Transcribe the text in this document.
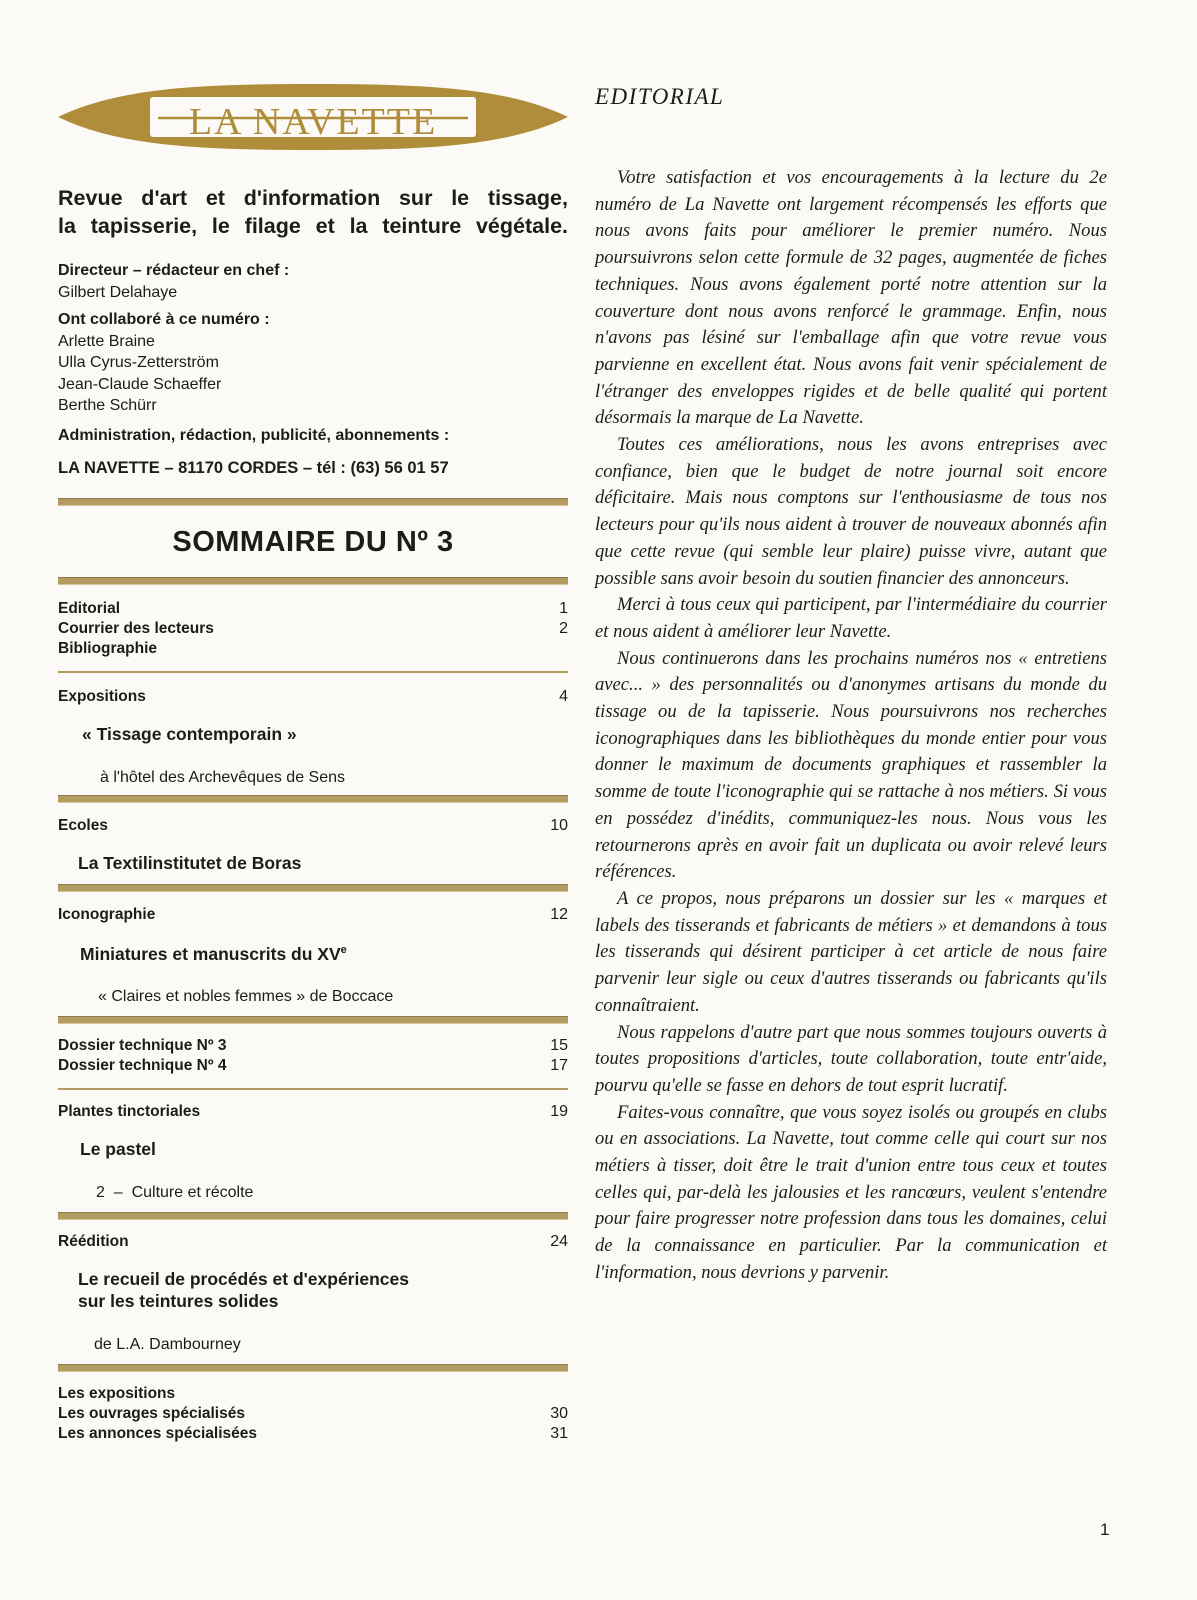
LA NAVETTE
Revue d'art et d'information sur le tissage,
la tapisserie, le filage et la teinture végétale.
Directeur – rédacteur en chef :
Gilbert Delahaye
Ont collaboré à ce numéro :
Arlette Braine
Ulla Cyrus-Zetterström
Jean-Claude Schaeffer
Berthe Schürr
Administration, rédaction, publicité, abonnements :
LA NAVETTE – 81170 CORDES – tél : (63) 56 01 57
SOMMAIRE DU Nº 3
Editorial	1
Courrier des lecteurs	2
Bibliographie
Expositions	4
« Tissage contemporain »
à l'hôtel des Archevêques de Sens
Ecoles	10
La Textilinstitutet de Boras
Iconographie	12
Miniatures et manuscrits du XVe
« Claires et nobles femmes » de Boccace
Dossier technique Nº 3	15
Dossier technique Nº 4	17
Plantes tinctoriales	19
Le pastel
2  –  Culture et récolte
Réédition	24
Le recueil de procédés et d'expériences
sur les teintures solides
de L.A. Dambourney
Les expositions
Les ouvrages spécialisés	30
Les annonces spécialisées	31
EDITORIAL

Votre satisfaction et vos encouragements à la lecture du 2e numéro de La Navette ont largement récompensés les efforts que nous avons faits pour améliorer le premier numéro. Nous poursuivrons selon cette formule de 32 pages, augmentée de fiches techniques. Nous avons également porté notre attention sur la couverture dont nous avons renforcé le grammage. Enfin, nous n'avons pas lésiné sur l'emballage afin que votre revue vous parvienne en excellent état. Nous avons fait venir spécialement de l'étranger des enveloppes rigides et de belle qualité qui portent désormais la marque de La Navette.

Toutes ces améliorations, nous les avons entreprises avec confiance, bien que le budget de notre journal soit encore déficitaire. Mais nous comptons sur l'enthousiasme de tous nos lecteurs pour qu'ils nous aident à trouver de nouveaux abonnés afin que cette revue (qui semble leur plaire) puisse vivre, autant que possible sans avoir besoin du soutien financier des annonceurs.

Merci à tous ceux qui participent, par l'intermédiaire du courrier et nous aident à améliorer leur Navette.

Nous continuerons dans les prochains numéros nos « entretiens avec... » des personnalités ou d'anonymes artisans du monde du tissage ou de la tapisserie. Nous poursuivrons nos recherches iconographiques dans les bibliothèques du monde entier pour vous donner le maximum de documents graphiques et rassembler la somme de toute l'iconographie qui se rattache à nos métiers. Si vous en possédez d'inédits, communiquez-les nous. Nous vous les retournerons après en avoir fait un duplicata ou avoir relevé leurs références.

A ce propos, nous préparons un dossier sur les « marques et labels des tisserands et fabricants de métiers » et demandons à tous les tisserands qui désirent participer à cet article de nous faire parvenir leur sigle ou ceux d'autres tisserands ou fabricants qu'ils connaîtraient.

Nous rappelons d'autre part que nous sommes toujours ouverts à toutes propositions d'articles, toute collaboration, toute entr'aide, pourvu qu'elle se fasse en dehors de tout esprit lucratif.

Faites-vous connaître, que vous soyez isolés ou groupés en clubs ou en associations. La Navette, tout comme celle qui court sur nos métiers à tisser, doit être le trait d'union entre tous ceux et toutes celles qui, par-delà les jalousies et les rancœurs, veulent s'entendre pour faire progresser notre profession dans tous les domaines, celui de la connaissance en particulier. Par la communication et l'information, nous devrions y parvenir.

1
